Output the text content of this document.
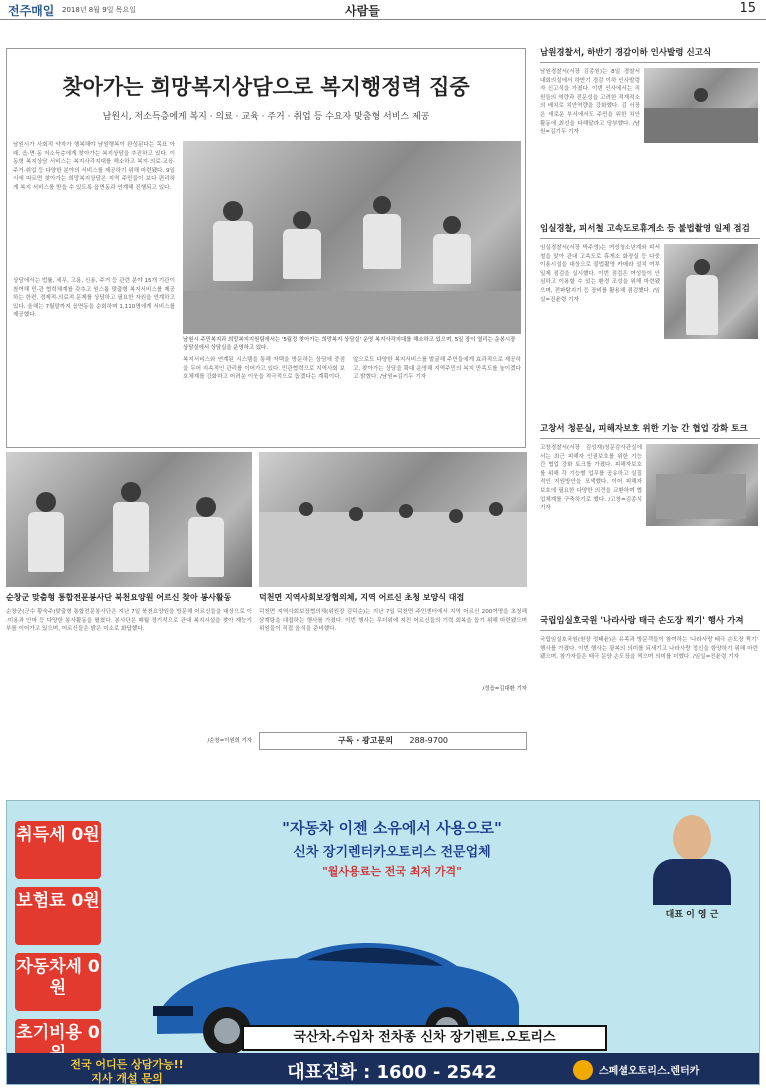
전주매일 2018년 8월 9일 목요일	사람들	15
찾아가는 희망복지상담으로 복지행정력 집중
남원시, 저소득층에게 복지 · 의료 · 교육 · 주거 · 취업 등 수요자 맞춤형 서비스 제공
남원시가 사회적 약자가 행복해야 남원행복이 완성된다는 목표 아래, 읍·면·동 저소득층에게 찾아가는 복지상담을 추진하고 있다. 이동형 복지상담 서비스는 복지사각지대를 해소하고 복지·의료·교육·주거·취업 등 다양한 분야의 서비스를 제공하기 위해 마련됐다. 9일 시에 따르면 찾아가는 희망복지상담은 지역 주민들이 보다 편리하게 복지 서비스를 받을 수 있도록 읍면동과 연계해 진행되고 있다.
상담에서는 법률, 세무, 고용, 신용, 주거 등 관련 분야 15개 기관이 참여해 민·관 협력체계를 갖추고 원스톱 맞춤형 복지서비스를 제공하는 한편, 경제적·의료적 문제를 상담하고 필요한 자원을 연계하고 있다. 올해는 7월말까지 읍면동을 순회하며 1,110명에게 서비스를 제공했다.
남원시 주민복지과 희망복지지원팀에서는 '5월정 찾아가는 희망복지 상담실' 운영 복지사각지대를 해소하고 있으며, 5일 장이 열리는 운봉시장 상담실에서 상담실을 운영하고 있다.
복지서비스와 연계된 시스템을 통해 자택을 방문하는 상담에 중점을 두어 지속적인 관리를 이어가고 있다. 민관협력으로 지역사회 보호체계를 강화하고 어려운 이웃을 적극적으로 돕겠다는 계획이다.
앞으로도 다양한 복지서비스를 발굴해 주민들에게 효과적으로 제공하고, 찾아가는 상담을 확대 운영해 지역주민의 복지 만족도를 높이겠다고 밝혔다. /남원=김기두 기자
남원경찰서, 하반기 경감이하 인사발령 신고식
남원경찰서(서장 김종원)는 8일 경찰서 대회의실에서 하반기 경감 이하 인사발령자 신고식을 가졌다. 이번 인사에서는 직원들의 역량과 전문성을 고려한 적재적소의 배치로 치안역량을 강화했다. 김 서장은 새로운 부서에서도 주민을 위한 치안 활동에 최선을 다해달라고 당부했다. /남원=김기두 기자
임실경찰, 피서철 고속도로휴게소 등 불법촬영 일제 점검
임실경찰서(서장 박주영)는 여성청소년계와 피서철을 맞아 관내 고속도로 휴게소 화장실 등 다중이용시설을 대상으로 불법촬영 카메라 설치 여부 일제 점검을 실시했다. 이번 점검은 여성들이 안심하고 이용할 수 있는 환경 조성을 위해 마련됐으며, 전파탐지기 등 장비를 활용해 점검했다. /임실=진윤령 기자
고창서 청문실, 피해자보호 위한 기능 간 협업 강화 토크
고창경찰서(서장 김성재)청문감사관실에서는 최근 피해자 인권보호를 위한 기능 간 협업 강화 토크를 가졌다. 피해자보호를 위해 각 기능별 업무를 공유하고 실질적인 지원방안을 모색했다. 이어 피해자 보호에 필요한 다양한 의견을 교환하며 협업체계를 구축하기로 했다. /고창=김종식 기자
국립임실호국원 '나라사랑 태극 손도장 찍기' 행사 가져
국립임실호국원(원장 정태윤)은 유족과 방문객들이 참여하는 '나라사랑 태극 손도장 찍기' 행사를 가졌다. 이번 행사는 광복의 의미를 되새기고 나라사랑 정신을 함양하기 위해 마련됐으며, 참가자들은 태극 문양 손도장을 찍으며 의미를 더했다. /임실=진윤령 기자
순창군 맞춤형 통합전문봉사단 북천요양원 어르신 찾아 봉사활동
순창군(군수 황숙주)맞춤형 통합전문봉사단은 지난 7일 북천요양원을 방문해 어르신들을 대상으로 이·미용과 안마 등 다양한 봉사활동을 펼쳤다. 봉사단은 매월 정기적으로 관내 복지시설을 찾아 재능기부를 이어가고 있으며, 어르신들은 밝은 미소로 화답했다.
/순창=이원희 기자
덕천면 지역사회보장협의체, 지역 어르신 초청 보양식 대접
덕천면 지역사회보장협의체(위원장 김덕순)는 지난 7일 덕천면 주민센터에서 지역 어르신 200여명을 초청해 삼계탕을 대접하는 행사를 가졌다. 이번 행사는 무더위에 지친 어르신들의 기력 회복을 돕기 위해 마련됐으며 위원들이 직접 음식을 준비했다.
/정읍=김대환 기자
구독 · 광고문의 288-9700
취득세 0원
보험료 0원
자동차세 0원
초기비용 0
"자동차 이젠 소유에서 사용으로"
신차 장기렌터카오토리스 전문업체
"월사용료는 전국 최저 가격"
대표 이 영 근
국산차.수입차 전차종 신차 장기렌트.오토리스
전국 어디든 상담가능!!
지사 개설 문의	대표전화 : 1600 - 2542	스페셜오토리스.렌터카
